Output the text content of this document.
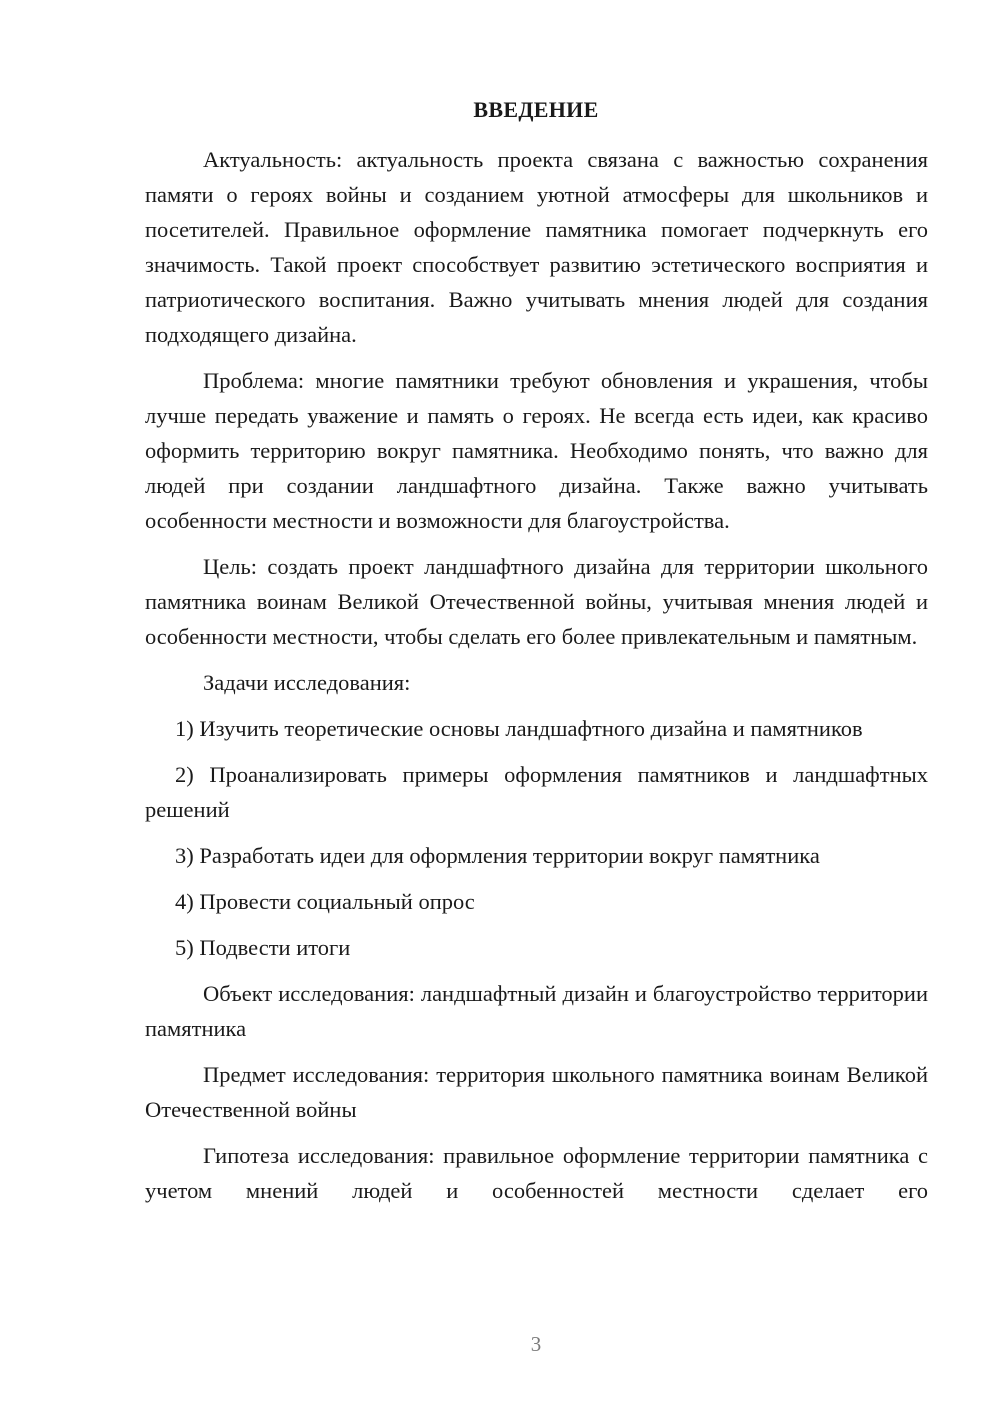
ВВЕДЕНИЕ

Актуальность: актуальность проекта связана с важностью сохранения памяти о героях войны и созданием уютной атмосферы для школьников и посетителей. Правильное оформление памятника помогает подчеркнуть его значимость. Такой проект способствует развитию эстетического восприятия и патриотического воспитания. Важно учитывать мнения людей для создания подходящего дизайна.

Проблема: многие памятники требуют обновления и украшения, чтобы лучше передать уважение и память о героях. Не всегда есть идеи, как красиво оформить территорию вокруг памятника. Необходимо понять, что важно для людей при создании ландшафтного дизайна. Также важно учитывать особенности местности и возможности для благоустройства.

Цель: создать проект ландшафтного дизайна для территории школьного памятника воинам Великой Отечественной войны, учитывая мнения людей и особенности местности, чтобы сделать его более привлекательным и памятным.

Задачи исследования:

1) Изучить теоретические основы ландшафтного дизайна и памятников

2) Проанализировать примеры оформления памятников и ландшафтных решений

3) Разработать идеи для оформления территории вокруг памятника

4) Провести социальный опрос

5) Подвести итоги

Объект исследования: ландшафтный дизайн и благоустройство территории памятника

Предмет исследования: территория школьного памятника воинам Великой Отечественной войны

Гипотеза исследования: правильное оформление территории памятника с учетом мнений людей и особенностей местности сделает его

3
